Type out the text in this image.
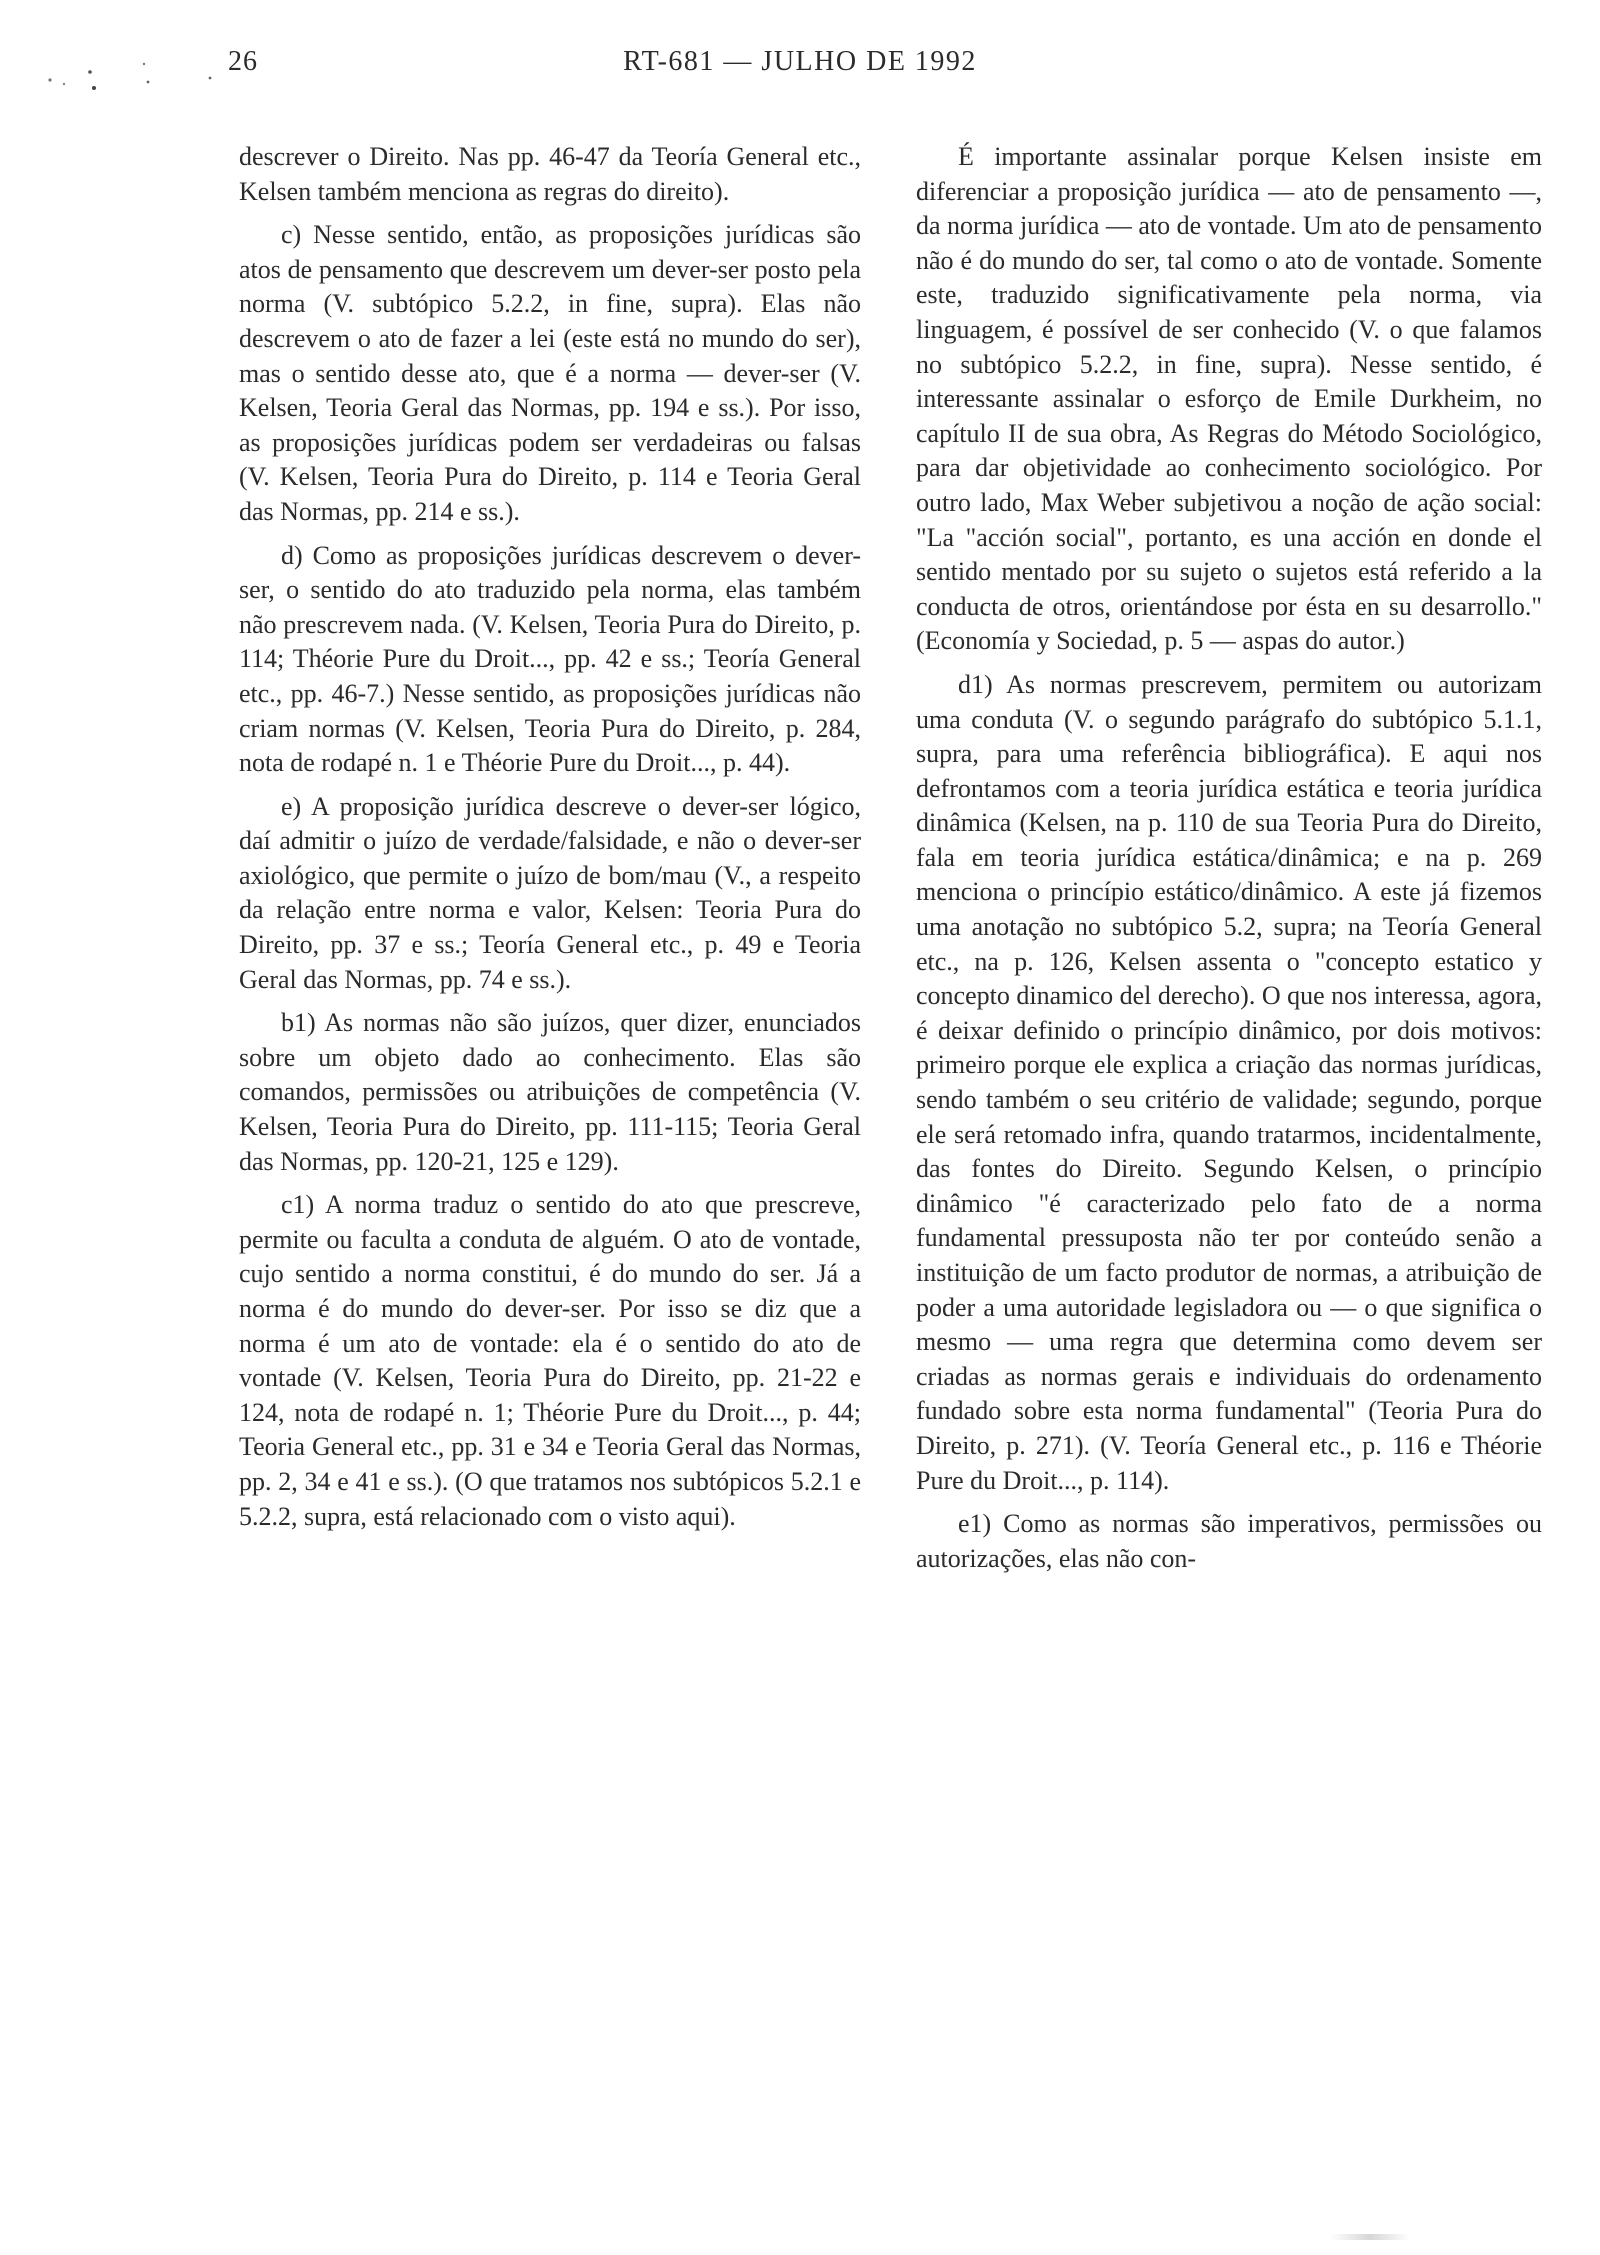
26	RT-681 — JULHO DE 1992

descrever o Direito. Nas pp. 46-47 da Teoría General etc., Kelsen também menciona as regras do direito).

c) Nesse sentido, então, as proposições jurídicas são atos de pensamento que descrevem um dever-ser posto pela norma (V. subtópico 5.2.2, in fine, supra). Elas não descrevem o ato de fazer a lei (este está no mundo do ser), mas o sentido desse ato, que é a norma — dever-ser (V. Kelsen, Teoria Geral das Normas, pp. 194 e ss.). Por isso, as proposições jurídicas podem ser verdadeiras ou falsas (V. Kelsen, Teoria Pura do Direito, p. 114 e Teoria Geral das Normas, pp. 214 e ss.).

d) Como as proposições jurídicas descrevem o dever-ser, o sentido do ato traduzido pela norma, elas também não prescrevem nada. (V. Kelsen, Teoria Pura do Direito, p. 114; Théorie Pure du Droit..., pp. 42 e ss.; Teoría General etc., pp. 46-7.) Nesse sentido, as proposições jurídicas não criam normas (V. Kelsen, Teoria Pura do Direito, p. 284, nota de rodapé n. 1 e Théorie Pure du Droit..., p. 44).

e) A proposição jurídica descreve o dever-ser lógico, daí admitir o juízo de verdade/falsidade, e não o dever-ser axiológico, que permite o juízo de bom/mau (V., a respeito da relação entre norma e valor, Kelsen: Teoria Pura do Direito, pp. 37 e ss.; Teoría General etc., p. 49 e Teoria Geral das Normas, pp. 74 e ss.).

b1) As normas não são juízos, quer dizer, enunciados sobre um objeto dado ao conhecimento. Elas são comandos, permissões ou atribuições de competência (V. Kelsen, Teoria Pura do Direito, pp. 111-115; Teoria Geral das Normas, pp. 120-21, 125 e 129).

c1) A norma traduz o sentido do ato que prescreve, permite ou faculta a conduta de alguém. O ato de vontade, cujo sentido a norma constitui, é do mundo do ser. Já a norma é do mundo do dever-ser. Por isso se diz que a norma é um ato de vontade: ela é o sentido do ato de vontade (V. Kelsen, Teoria Pura do Direito, pp. 21-22 e 124, nota de rodapé n. 1; Théorie Pure du Droit..., p. 44; Teoria General etc., pp. 31 e 34 e Teoria Geral das Normas, pp. 2, 34 e 41 e ss.). (O que tratamos nos subtópicos 5.2.1 e 5.2.2, supra, está relacionado com o visto aqui).

É importante assinalar porque Kelsen insiste em diferenciar a proposição jurídica — ato de pensamento —, da norma jurídica — ato de vontade. Um ato de pensamento não é do mundo do ser, tal como o ato de vontade. Somente este, traduzido significativamente pela norma, via linguagem, é possível de ser conhecido (V. o que falamos no subtópico 5.2.2, in fine, supra). Nesse sentido, é interessante assinalar o esforço de Emile Durkheim, no capítulo II de sua obra, As Regras do Método Sociológico, para dar objetividade ao conhecimento sociológico. Por outro lado, Max Weber subjetivou a noção de ação social: "La "acción social", portanto, es una acción en donde el sentido mentado por su sujeto o sujetos está referido a la conducta de otros, orientándose por ésta en su desarrollo." (Economía y Sociedad, p. 5 — aspas do autor.)

d1) As normas prescrevem, permitem ou autorizam uma conduta (V. o segundo parágrafo do subtópico 5.1.1, supra, para uma referência bibliográfica). E aqui nos defrontamos com a teoria jurídica estática e teoria jurídica dinâmica (Kelsen, na p. 110 de sua Teoria Pura do Direito, fala em teoria jurídica estática/dinâmica; e na p. 269 menciona o princípio estático/dinâmico. A este já fizemos uma anotação no subtópico 5.2, supra; na Teoría General etc., na p. 126, Kelsen assenta o "concepto estatico y concepto dinamico del derecho). O que nos interessa, agora, é deixar definido o princípio dinâmico, por dois motivos: primeiro porque ele explica a criação das normas jurídicas, sendo também o seu critério de validade; segundo, porque ele será retomado infra, quando tratarmos, incidentalmente, das fontes do Direito. Segundo Kelsen, o princípio dinâmico "é caracterizado pelo fato de a norma fundamental pressuposta não ter por conteúdo senão a instituição de um facto produtor de normas, a atribuição de poder a uma autoridade legisladora ou — o que significa o mesmo — uma regra que determina como devem ser criadas as normas gerais e individuais do ordenamento fundado sobre esta norma fundamental" (Teoria Pura do Direito, p. 271). (V. Teoría General etc., p. 116 e Théorie Pure du Droit..., p. 114).

e1) Como as normas são imperativos, permissões ou autorizações, elas não con-
